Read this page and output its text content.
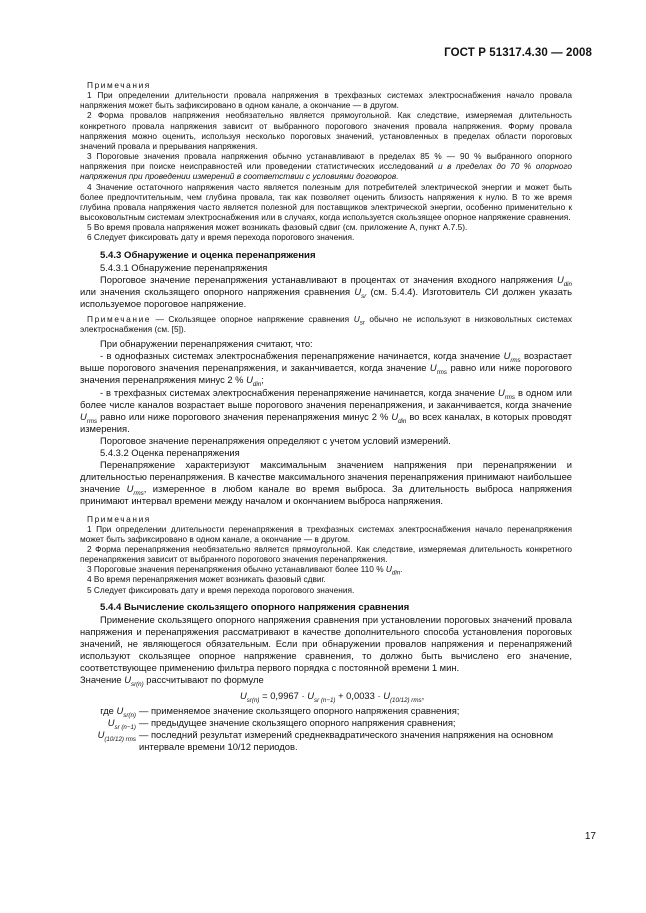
ГОСТ Р 51317.4.30 — 2008

Примечания

1 При определении длительности провала напряжения в трехфазных системах электроснабжения начало провала напряжения может быть зафиксировано в одном канале, а окончание — в другом.

2 Форма провалов напряжения необязательно является прямоугольной. Как следствие, измеряемая длительность конкретного провала напряжения зависит от выбранного порогового значения провала напряжения. Форму провала напряжения можно оценить, используя несколько пороговых значений, установленных в пределах области пороговых значений провала и прерывания напряжения.

3 Пороговые значения провала напряжения обычно устанавливают в пределах 85 % — 90 % выбранного опорного напряжения при поиске неисправностей или проведении статистических исследований и в пределах до 70 % опорного напряжения при проведении измерений в соответствии с условиями договоров.

4 Значение остаточного напряжения часто является полезным для потребителей электрической энергии и может быть более предпочтительным, чем глубина провала, так как позволяет оценить близость напряжения к нулю. В то же время глубина провала напряжения часто является полезной для поставщиков электрической энергии, особенно применительно к высоковольтным системам электроснабжения или в случаях, когда используется скользящее опорное напряжение сравнения.

5 Во время провала напряжения может возникать фазовый сдвиг (см. приложение А, пункт А.7.5).

6 Следует фиксировать дату и время перехода порогового значения.

5.4.3 Обнаружение и оценка перенапряжения

5.4.3.1 Обнаружение перенапряжения

Пороговое значение перенапряжения устанавливают в процентах от значения входного напряжения $U_{din}$ или значения скользящего опорного напряжения сравнения $U_{sr}$ (см. 5.4.4). Изготовитель СИ должен указать используемое пороговое напряжение.

Примечание — Скользящее опорное напряжение сравнения $U_{sr}$ обычно не используют в низковольтных системах электроснабжения (см. [5]).

При обнаружении перенапряжения считают, что:

- в однофазных системах электроснабжения перенапряжение начинается, когда значение $U_{rms}$ возрастает выше порогового значения перенапряжения, и заканчивается, когда значение $U_{rms}$ равно или ниже порогового значения перенапряжения минус 2 % $U_{din}$;

- в трехфазных системах электроснабжения перенапряжение начинается, когда значение $U_{rms}$ в одном или более числе каналов возрастает выше порогового значения перенапряжения, и заканчивается, когда значение $U_{rms}$ равно или ниже порогового значения перенапряжения минус 2 % $U_{din}$ во всех каналах, в которых проводят измерения.

Пороговое значение перенапряжения определяют с учетом условий измерений.

5.4.3.2 Оценка перенапряжения

Перенапряжение характеризуют максимальным значением напряжения при перенапряжении и длительностью перенапряжения. В качестве максимального значения перенапряжения принимают наибольшее значение $U_{rms}$, измеренное в любом канале во время выброса. За длительность выброса напряжения принимают интервал времени между началом и окончанием выброса напряжения.

Примечания

1 При определении длительности перенапряжения в трехфазных системах электроснабжения начало перенапряжения может быть зафиксировано в одном канале, а окончание — в другом.

2 Форма перенапряжения необязательно является прямоугольной. Как следствие, измеряемая длительность конкретного перенапряжения зависит от выбранного порогового значения перенапряжения.

3 Пороговые значения перенапряжения обычно устанавливают более 110 % $U_{din}$.

4 Во время перенапряжения может возникать фазовый сдвиг.

5 Следует фиксировать дату и время перехода порогового значения.

5.4.4 Вычисление скользящего опорного напряжения сравнения

Применение скользящего опорного напряжения сравнения при установлении пороговых значений провала напряжения и перенапряжения рассматривают в качестве дополнительного способа установления пороговых значений, не являющегося обязательным. Если при обнаружении провалов напряжения и перенапряжений используют скользящее опорное напряжение сравнения, то должно быть вычислено его значение, соответствующее применению фильтра первого порядка с постоянной времени 1 мин.

Значение $U_{sr(n)}$ рассчитывают по формуле

$U_{sr(n)} = 0,9967 \cdot U_{sr (n-1)} + 0,0033 \cdot U_{(10/12) rms}$,

где $U_{sr(n)}$	— применяемое значение скользящего опорного напряжения сравнения;
$U_{sr (n-1)}$	— предыдущее значение скользящего опорного напряжения сравнения;
$U_{(10/12) rms}$	— последний результат измерений среднеквадратического значения напряжения на основном интервале времени 10/12 периодов.
17
